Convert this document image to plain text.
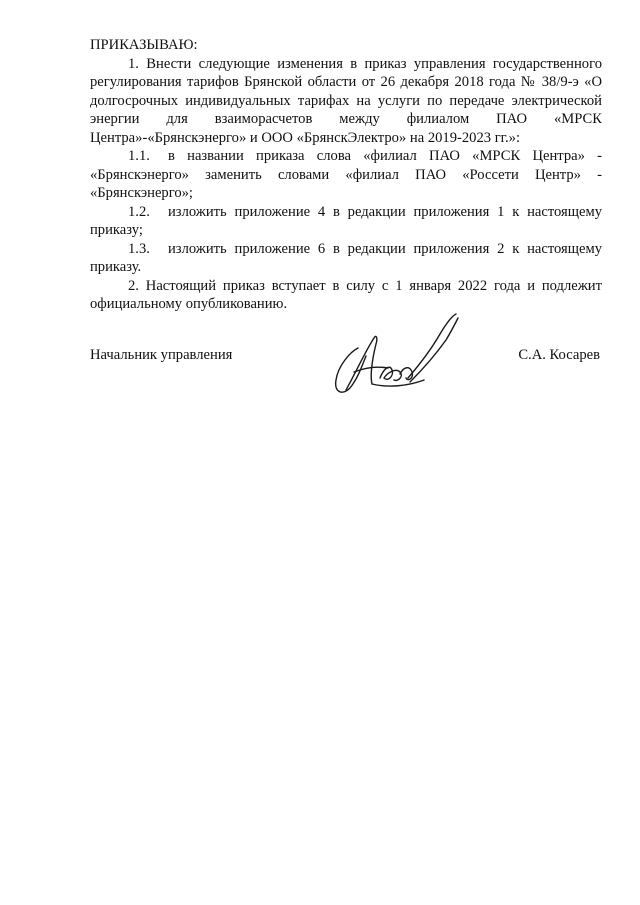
ПРИКАЗЫВАЮ:

1. Внести следующие изменения в приказ управления государственного регулирования тарифов Брянской области от 26 декабря 2018 года № 38/9-э «О долгосрочных индивидуальных тарифах на услуги по передаче электрической энергии для взаиморасчетов между филиалом ПАО «МРСК Центра»-«Брянскэнерго» и ООО «БрянскЭлектро» на 2019-2023 гг.»:

1.1. в названии приказа слова «филиал ПАО «МРСК Центра» - «Брянскэнерго» заменить словами «филиал ПАО «Россети Центр» - «Брянскэнерго»;

1.2. изложить приложение 4 в редакции приложения 1 к настоящему приказу;

1.3. изложить приложение 6 в редакции приложения 2 к настоящему приказу.

2. Настоящий приказ вступает в силу с 1 января 2022 года и подлежит официальному опубликованию.

Начальник управления	С.А. Косарев
